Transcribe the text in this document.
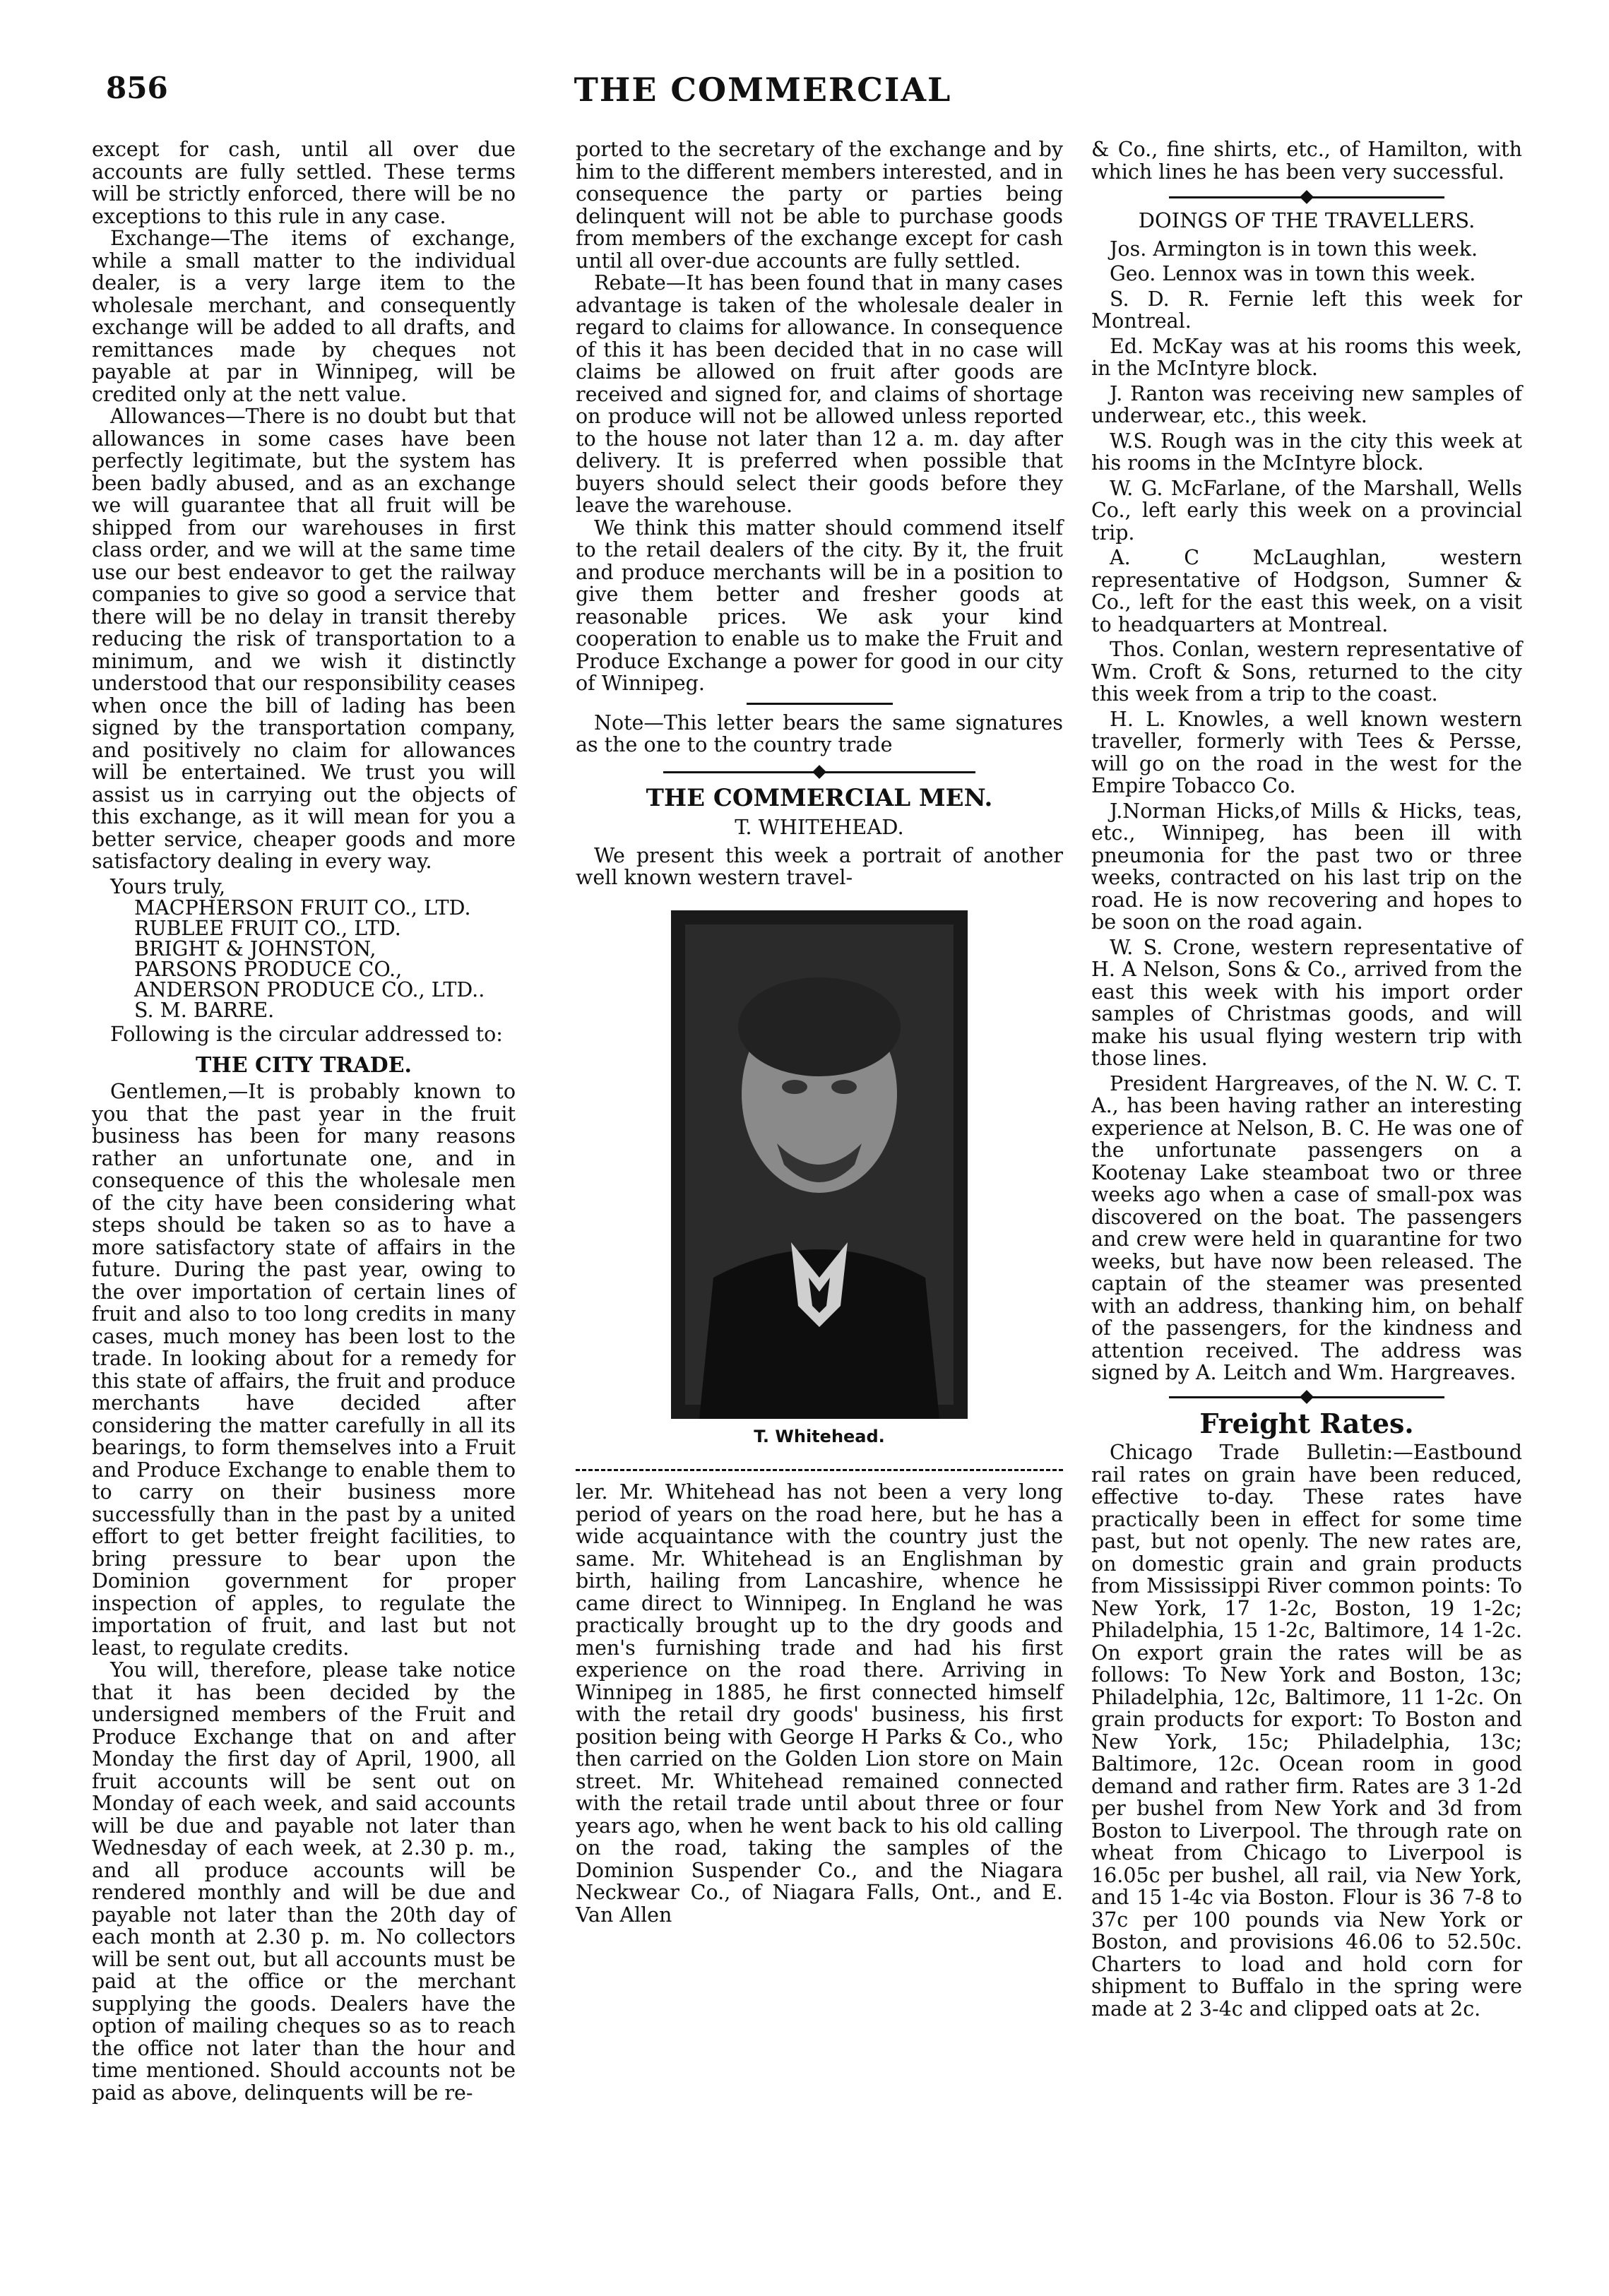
856	THE COMMERCIAL

except for cash, until all over due accounts are fully settled. These terms will be strictly enforced, there will be no exceptions to this rule in any case.

Exchange—The items of exchange, while a small matter to the individual dealer, is a very large item to the wholesale merchant, and consequently exchange will be added to all drafts, and remittances made by cheques not payable at par in Winnipeg, will be credited only at the nett value.

Allowances—There is no doubt but that allowances in some cases have been perfectly legitimate, but the system has been badly abused, and as an exchange we will guarantee that all fruit will be shipped from our warehouses in first class order, and we will at the same time use our best endeavor to get the railway companies to give so good a service that there will be no delay in transit thereby reducing the risk of transportation to a minimum, and we wish it distinctly understood that our responsibility ceases when once the bill of lading has been signed by the transportation company, and positively no claim for allowances will be entertained. We trust you will assist us in carrying out the objects of this exchange, as it will mean for you a better service, cheaper goods and more satisfactory dealing in every way.

Yours truly,

MACPHERSON FRUIT CO., LTD.
RUBLEE FRUIT CO., LTD.
BRIGHT & JOHNSTON,
PARSONS PRODUCE CO.,
ANDERSON PRODUCE CO., LTD..
S. M. BARRE.

Following is the circular addressed to:

THE CITY TRADE.

Gentlemen,—It is probably known to you that the past year in the fruit business has been for many reasons rather an unfortunate one, and in consequence of this the wholesale men of the city have been considering what steps should be taken so as to have a more satisfactory state of affairs in the future. During the past year, owing to the over importation of certain lines of fruit and also to too long credits in many cases, much money has been lost to the trade. In looking about for a remedy for this state of affairs, the fruit and produce merchants have decided after considering the matter carefully in all its bearings, to form themselves into a Fruit and Produce Exchange to enable them to to carry on their business more successfully than in the past by a united effort to get better freight facilities, to bring pressure to bear upon the Dominion government for proper inspection of apples, to regulate the importation of fruit, and last but not least, to regulate credits.

You will, therefore, please take notice that it has been decided by the undersigned members of the Fruit and Produce Exchange that on and after Monday the first day of April, 1900, all fruit accounts will be sent out on Monday of each week, and said accounts will be due and payable not later than Wednesday of each week, at 2.30 p. m., and all produce accounts will be rendered monthly and will be due and payable not later than the 20th day of each month at 2.30 p. m. No collectors will be sent out, but all accounts must be paid at the office or the merchant supplying the goods. Dealers have the option of mailing cheques so as to reach the office not later than the hour and time mentioned. Should accounts not be paid as above, delinquents will be re-

ported to the secretary of the exchange and by him to the different members interested, and in consequence the party or parties being delinquent will not be able to purchase goods from members of the exchange except for cash until all over-due accounts are fully settled.

Rebate—It has been found that in many cases advantage is taken of the wholesale dealer in regard to claims for allowance. In consequence of this it has been decided that in no case will claims be allowed on fruit after goods are received and signed for, and claims of shortage on produce will not be allowed unless reported to the house not later than 12 a. m. day after delivery. It is preferred when possible that buyers should select their goods before they leave the warehouse.

We think this matter should commend itself to the retail dealers of the city. By it, the fruit and produce merchants will be in a position to give them better and fresher goods at reasonable prices. We ask your kind cooperation to enable us to make the Fruit and Produce Exchange a power for good in our city of Winnipeg.

Note—This letter bears the same signatures as the one to the country trade

THE COMMERCIAL MEN.
T. WHITEHEAD.

We present this week a portrait of another well known western travel-

T. Whitehead.

ler. Mr. Whitehead has not been a very long period of years on the road here, but he has a wide acquaintance with the country just the same. Mr. Whitehead is an Englishman by birth, hailing from Lancashire, whence he came direct to Winnipeg. In England he was practically brought up to the dry goods and men's furnishing trade and had his first experience on the road there. Arriving in Winnipeg in 1885, he first connected himself with the retail dry goods' business, his first position being with George H Parks & Co., who then carried on the Golden Lion store on Main street. Mr. Whitehead remained connected with the retail trade until about three or four years ago, when he went back to his old calling on the road, taking the samples of the Dominion Suspender Co., and the Niagara Neckwear Co., of Niagara Falls, Ont., and E. Van Allen

& Co., fine shirts, etc., of Hamilton, with which lines he has been very successful.

DOINGS OF THE TRAVELLERS.

Jos. Armington is in town this week.

Geo. Lennox was in town this week.

S. D. R. Fernie left this week for Montreal.

Ed. McKay was at his rooms this week, in the McIntyre block.

J. Ranton was receiving new samples of underwear, etc., this week.

W.S. Rough was in the city this week at his rooms in the McIntyre block.

W. G. McFarlane, of the Marshall, Wells Co., left early this week on a provincial trip.

A. C McLaughlan, western representative of Hodgson, Sumner & Co., left for the east this week, on a visit to headquarters at Montreal.

Thos. Conlan, western representative of Wm. Croft & Sons, returned to the city this week from a trip to the coast.

H. L. Knowles, a well known western traveller, formerly with Tees & Persse, will go on the road in the west for the Empire Tobacco Co.

J.Norman Hicks,of Mills & Hicks, teas, etc., Winnipeg, has been ill with pneumonia for the past two or three weeks, contracted on his last trip on the road. He is now recovering and hopes to be soon on the road again.

W. S. Crone, western representative of H. A Nelson, Sons & Co., arrived from the east this week with his import order samples of Christmas goods, and will make his usual flying western trip with those lines.

President Hargreaves, of the N. W. C. T. A., has been having rather an interesting experience at Nelson, B. C. He was one of the unfortunate passengers on a Kootenay Lake steamboat two or three weeks ago when a case of small-pox was discovered on the boat. The passengers and crew were held in quarantine for two weeks, but have now been released. The captain of the steamer was presented with an address, thanking him, on behalf of the passengers, for the kindness and attention received. The address was signed by A. Leitch and Wm. Hargreaves.

Freight Rates.

Chicago Trade Bulletin:—Eastbound rail rates on grain have been reduced, effective to-day. These rates have practically been in effect for some time past, but not openly. The new rates are, on domestic grain and grain products from Mississippi River common points: To New York, 17 1-2c, Boston, 19 1-2c; Philadelphia, 15 1-2c, Baltimore, 14 1-2c. On export grain the rates will be as follows: To New York and Boston, 13c; Philadelphia, 12c, Baltimore, 11 1-2c. On grain products for export: To Boston and New York, 15c; Philadelphia, 13c; Baltimore, 12c. Ocean room in good demand and rather firm. Rates are 3 1-2d per bushel from New York and 3d from Boston to Liverpool. The through rate on wheat from Chicago to Liverpool is 16.05c per bushel, all rail, via New York, and 15 1-4c via Boston. Flour is 36 7-8 to 37c per 100 pounds via New York or Boston, and provisions 46.06 to 52.50c. Charters to load and hold corn for shipment to Buffalo in the spring were made at 2 3-4c and clipped oats at 2c.
